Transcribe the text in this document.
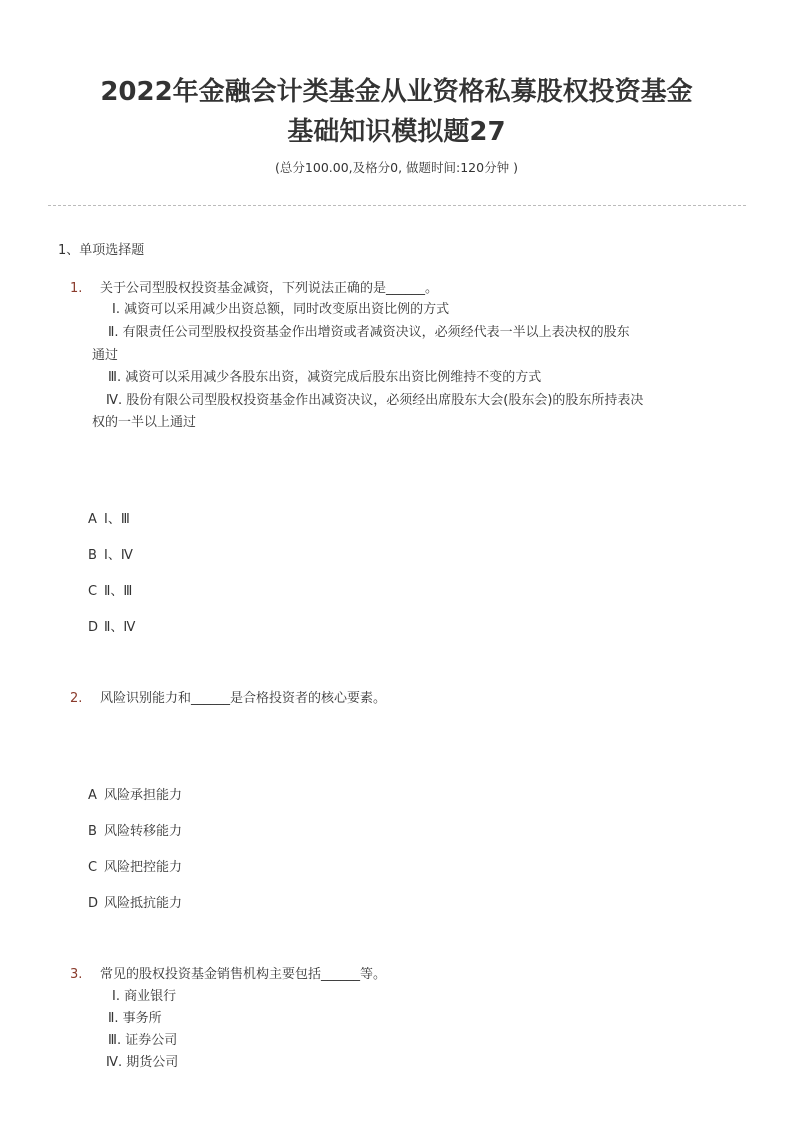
2022年金融会计类基金从业资格私募股权投资基金
基础知识模拟题27
(总分100.00,及格分0, 做题时间:120分钟 )
1、单项选择题
1. 关于公司型股权投资基金减资，下列说法正确的是______。
Ⅰ. 减资可以采用减少出资总额，同时改变原出资比例的方式
Ⅱ. 有限责任公司型股权投资基金作出增资或者减资决议，必须经代表一半以上表决权的股东
通过
Ⅲ. 减资可以采用减少各股东出资，减资完成后股东出资比例维持不变的方式
Ⅳ. 股份有限公司型股权投资基金作出减资决议，必须经出席股东大会(股东会)的股东所持表决
权的一半以上通过
A Ⅰ、Ⅲ
B Ⅰ、Ⅳ
C Ⅱ、Ⅲ
D Ⅱ、Ⅳ
2. 风险识别能力和______是合格投资者的核心要素。
A 风险承担能力
B 风险转移能力
C 风险把控能力
D 风险抵抗能力
3. 常见的股权投资基金销售机构主要包括______等。
Ⅰ. 商业银行
Ⅱ. 事务所
Ⅲ. 证券公司
Ⅳ. 期货公司
